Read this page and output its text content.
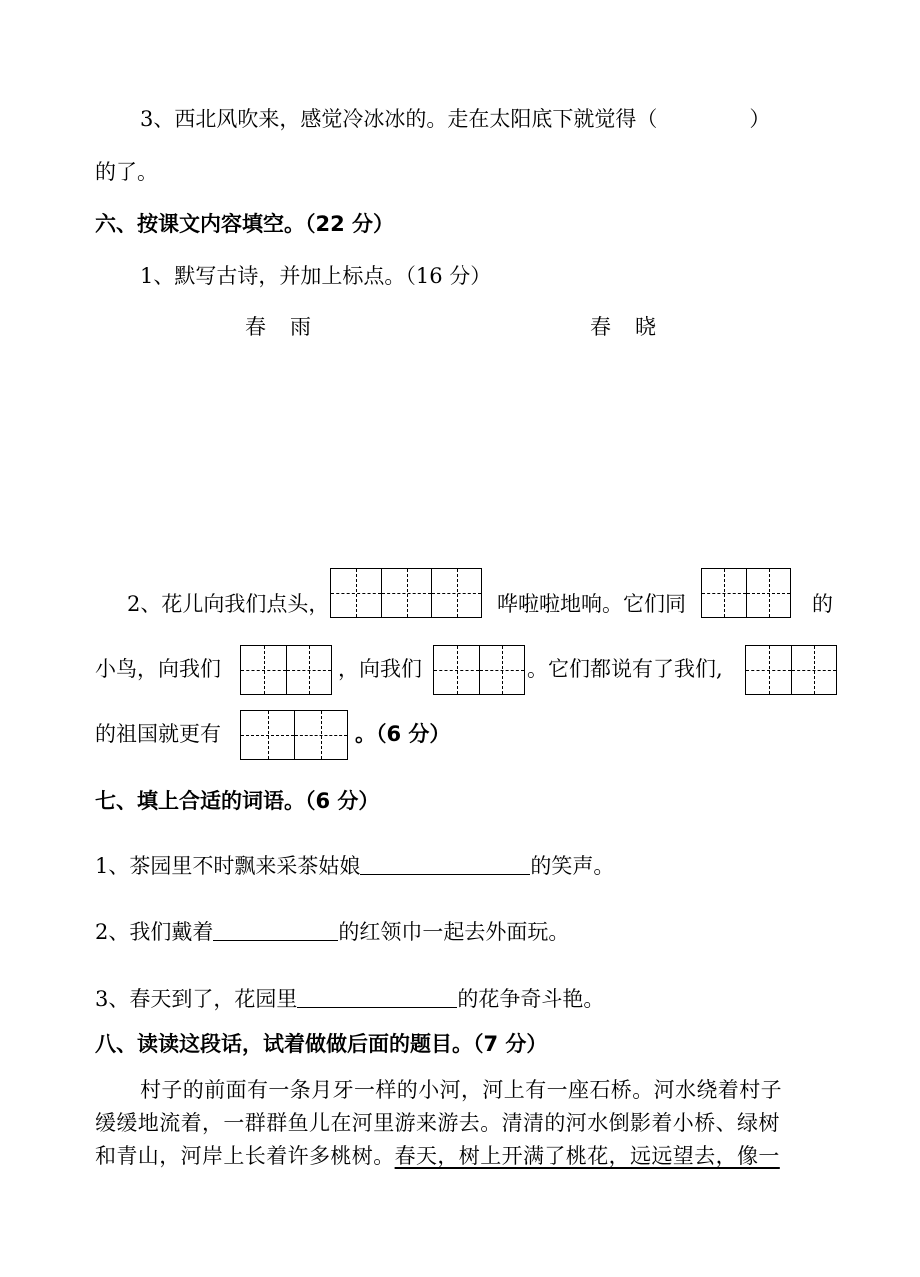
3、西北风吹来，感觉冷冰冰的。走在太阳底下就觉得（	）
的了。
六、按课文内容填空。（22 分）
1、默写古诗，并加上标点。（16 分）
春雨	春晓
2、花儿向我们点头，	哗啦啦地响。它们同	的
小鸟，向我们	，向我们	。它们都说有了我们,
的祖国就更有	。（6 分）
七、填上合适的词语。（6 分）
1、茶园里不时飘来采茶姑娘	的笑声。
2、我们戴着	的红领巾一起去外面玩。
3、春天到了，花园里	的花争奇斗艳。
八、读读这段话，试着做做后面的题目。（7 分）
村子的前面有一条月牙一样的小河，河上有一座石桥。河水绕着村子
缓缓地流着，一群群鱼儿在河里游来游去。清清的河水倒影着小桥、绿树
和青山，河岸上长着许多桃树。春天，树上开满了桃花，远远望去，像一
